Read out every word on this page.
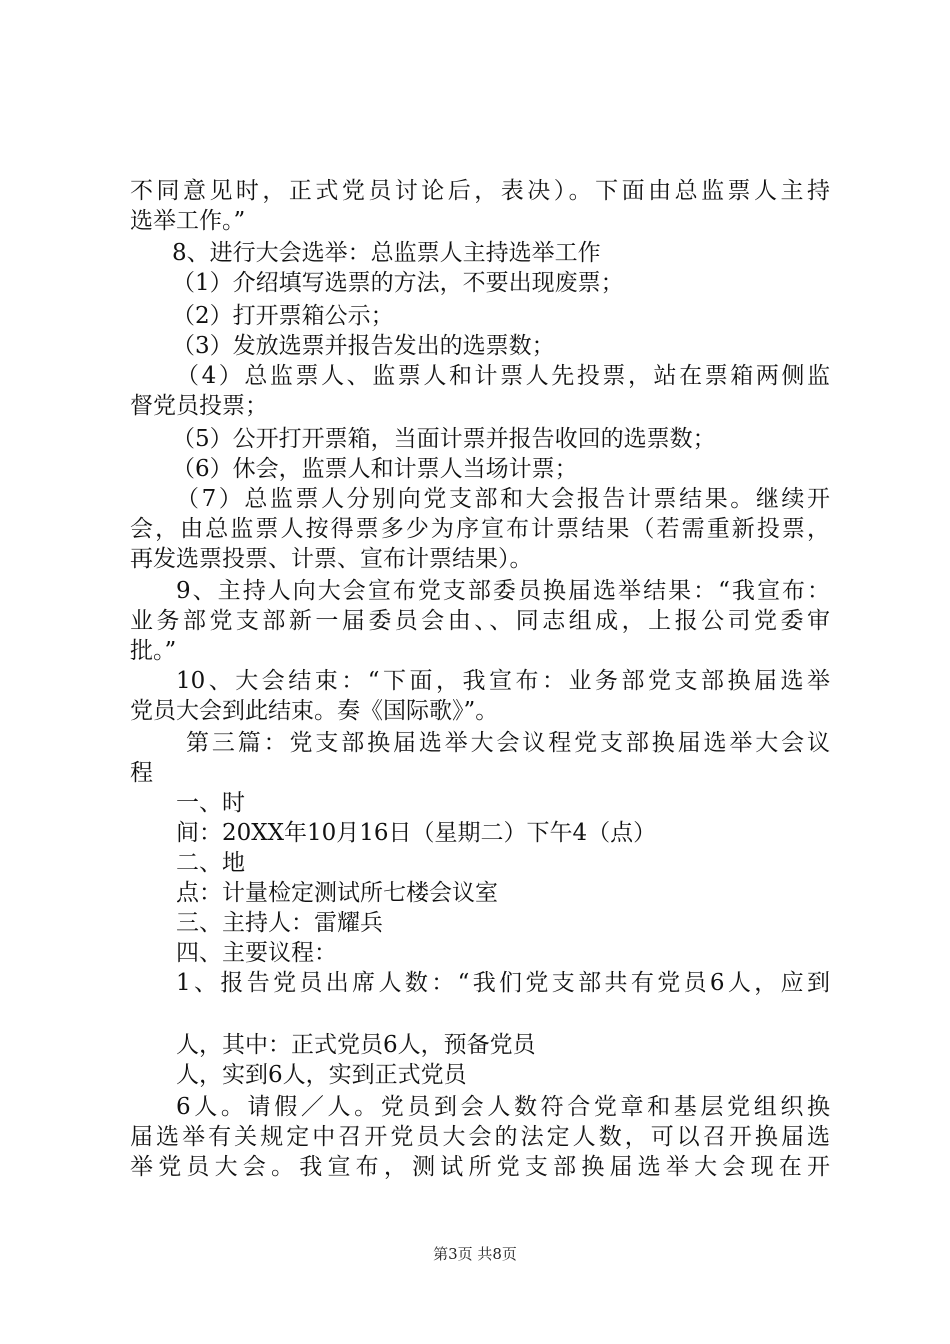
不同意见时，正式党员讨论后，表决）。下面由总监票人主持
选举工作。”
8、进行大会选举：总监票人主持选举工作
（1）介绍填写选票的方法，不要出现废票；
（2）打开票箱公示；
（3）发放选票并报告发出的选票数；
（4）总监票人、监票人和计票人先投票，站在票箱两侧监
督党员投票；
（5）公开打开票箱，当面计票并报告收回的选票数；
（6）休会，监票人和计票人当场计票；
（7）总监票人分别向党支部和大会报告计票结果。继续开
会，由总监票人按得票多少为序宣布计票结果（若需重新投票，
再发选票投票、计票、宣布计票结果）。
9、主持人向大会宣布党支部委员换届选举结果：“我宣布：
业务部党支部新一届委员会由、、同志组成，上报公司党委审
批。”
10、大会结束：“下面，我宣布：业务部党支部换届选举
党员大会到此结束。奏《国际歌》”。
第三篇：党支部换届选举大会议程党支部换届选举大会议
程
一、时
间：20XX年10月16日（星期二）下午4（点）
二、地
点：计量检定测试所七楼会议室
三、主持人：雷耀兵
四、主要议程：
1、报告党员出席人数：“我们党支部共有党员6人，应到
人，其中：正式党员6人，预备党员
人，实到6人，实到正式党员
6人。请假／人。党员到会人数符合党章和基层党组织换
届选举有关规定中召开党员大会的法定人数，可以召开换届选
举党员大会。我宣布，测试所党支部换届选举大会现在开
第3页 共8页
